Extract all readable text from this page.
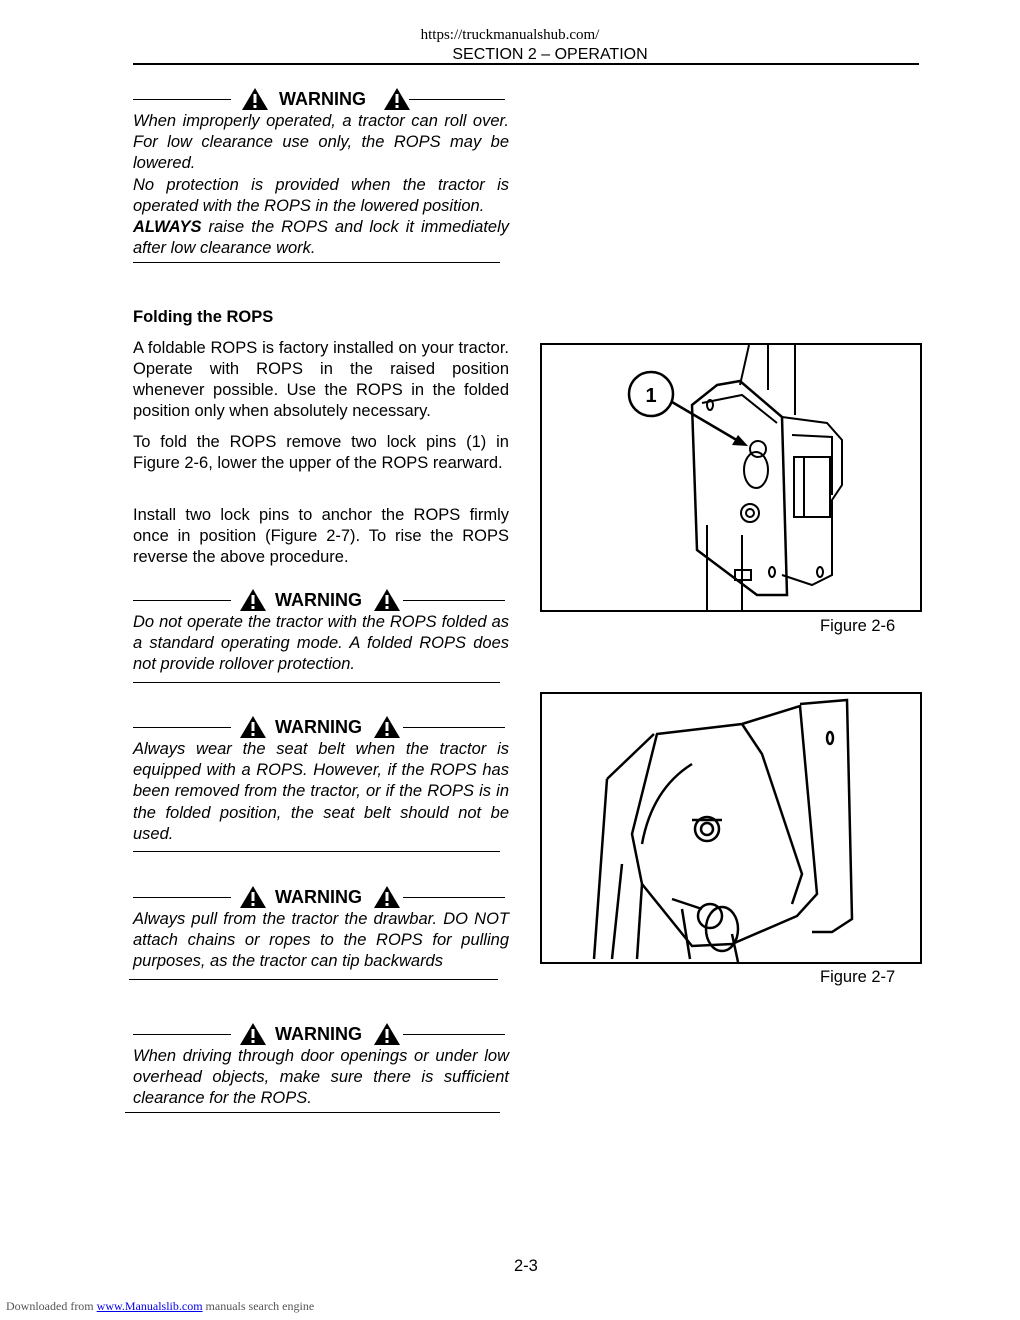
https://truckmanualshub.com/
SECTION 2 – OPERATION
WARNING

When improperly operated, a tractor can roll over. For low clearance use only, the ROPS may be lowered.

No protection is provided when the tractor is operated with the ROPS in the lowered position.

ALWAYS raise the ROPS and lock it immediately after low clearance work.

Folding the ROPS

A foldable ROPS is factory installed on your tractor. Operate with ROPS in the raised position whenever possible. Use the ROPS in the folded position only when absolutely necessary.

To fold the ROPS remove two lock pins (1) in Figure 2-6, lower the upper of the ROPS rearward.

Install two lock pins to anchor the ROPS firmly once in position (Figure 2-7). To rise the ROPS reverse the above procedure.

WARNING
Do not operate the tractor with the ROPS folded as a standard operating mode. A folded ROPS does not provide rollover protection.
WARNING
Always wear the seat belt when the tractor is equipped with a ROPS. However, if the ROPS has been removed from the tractor, or if the ROPS is in the folded position, the seat belt should not be used.
WARNING
Always pull from the tractor the drawbar. DO NOT attach chains or ropes to the ROPS for pulling purposes, as the tractor can tip backwards
WARNING
When driving through door openings or under low overhead objects, make sure there is sufficient clearance for the ROPS.
1
Figure 2-6
Figure 2-7
2-3
Downloaded from www.Manualslib.com manuals search engine
